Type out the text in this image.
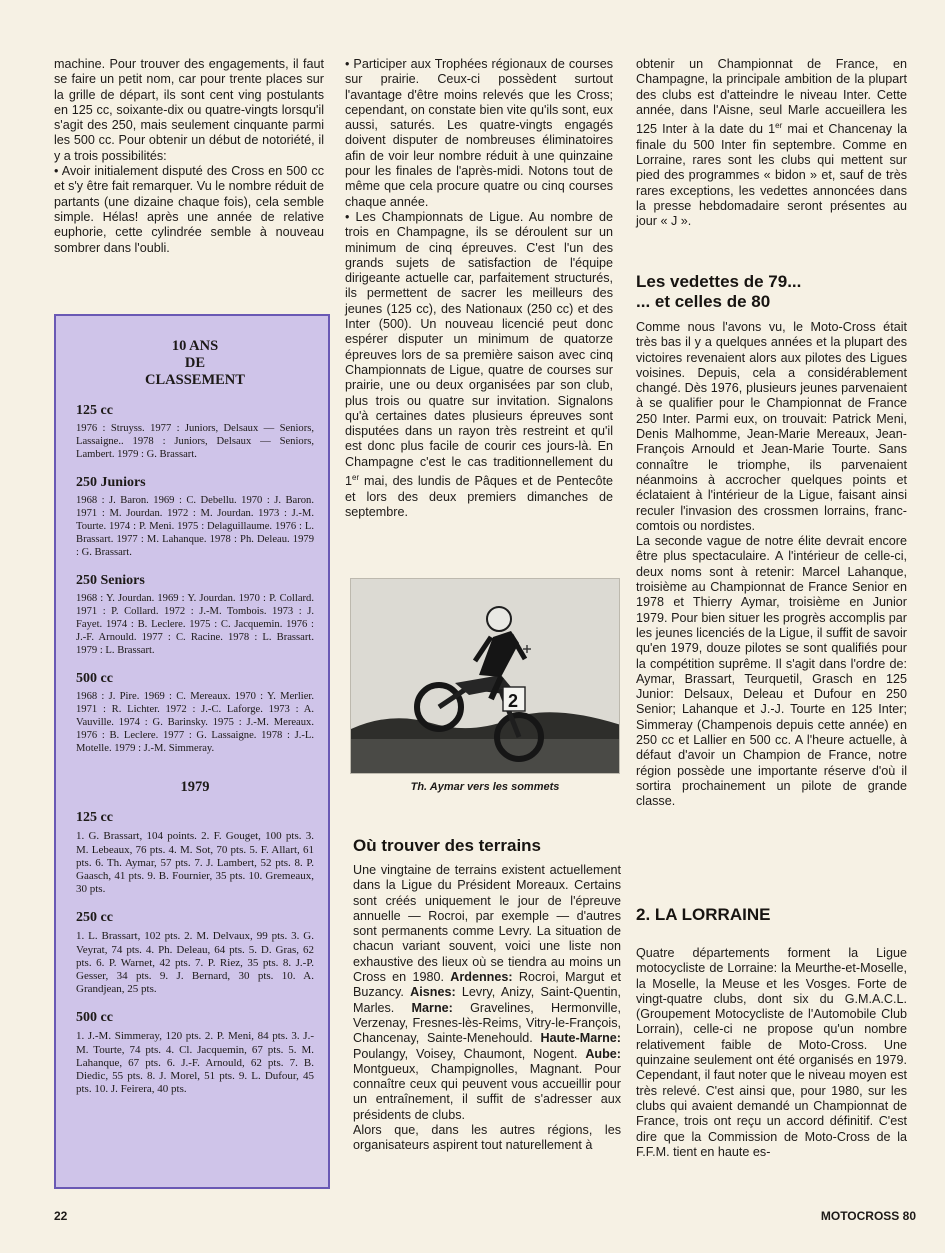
machine. Pour trouver des engagements, il faut se faire un petit nom, car pour trente places sur la grille de départ, ils sont cent ving postulants en 125 cc, soixante-dix ou quatre-vingts lorsqu'il s'agit des 250, mais seulement cinquante parmi les 500 cc. Pour obtenir un début de notoriété, il y a trois possibilités:

• Avoir initialement disputé des Cross en 500 cc et s'y être fait remarquer. Vu le nombre réduit de partants (une dizaine chaque fois), cela semble simple. Hélas! après une année de relative euphorie, cette cylindrée semble à nouveau sombrer dans l'oubli.

10 ANS
DE
CLASSEMENT
125 cc
1976 : Struyss. 1977 : Juniors, Delsaux — Seniors, Lassaigne.. 1978 : Juniors, Delsaux — Seniors, Lambert. 1979 : G. Brassart.
250 Juniors
1968 : J. Baron. 1969 : C. Debellu. 1970 : J. Baron. 1971 : M. Jourdan. 1972 : M. Jourdan. 1973 : J.-M. Tourte. 1974 : P. Meni. 1975 : Delaguillaume. 1976 : L. Brassart. 1977 : M. Lahanque. 1978 : Ph. Deleau. 1979 : G. Brassart.
250 Seniors
1968 : Y. Jourdan. 1969 : Y. Jourdan. 1970 : P. Collard. 1971 : P. Collard. 1972 : J.-M. Tombois. 1973 : J. Fayet. 1974 : B. Leclere. 1975 : C. Jacquemin. 1976 : J.-F. Arnould. 1977 : C. Racine. 1978 : L. Brassart. 1979 : L. Brassart.
500 cc
1968 : J. Pire. 1969 : C. Mereaux. 1970 : Y. Merlier. 1971 : R. Lichter. 1972 : J.-C. Laforge. 1973 : A. Vauville. 1974 : G. Barinsky. 1975 : J.-M. Mereaux. 1976 : B. Leclere. 1977 : G. Lassaigne. 1978 : J.-L. Motelle. 1979 : J.-M. Simmeray.
1979
125 cc
1. G. Brassart, 104 points. 2. F. Gouget, 100 pts. 3. M. Lebeaux, 76 pts. 4. M. Sot, 70 pts. 5. F. Allart, 61 pts. 6. Th. Aymar, 57 pts. 7. J. Lambert, 52 pts. 8. P. Gaasch, 41 pts. 9. B. Fournier, 35 pts. 10. Gremeaux, 30 pts.
250 cc
1. L. Brassart, 102 pts. 2. M. Delvaux, 99 pts. 3. G. Veyrat, 74 pts. 4. Ph. Deleau, 64 pts. 5. D. Gras, 62 pts. 6. P. Warnet, 42 pts. 7. P. Riez, 35 pts. 8. J.-P. Gesser, 34 pts. 9. J. Bernard, 30 pts. 10. A. Grandjean, 25 pts.
500 cc
1. J.-M. Simmeray, 120 pts. 2. P. Meni, 84 pts. 3. J.-M. Tourte, 74 pts. 4. Cl. Jacquemin, 67 pts. 5. M. Lahanque, 67 pts. 6. J.-F. Arnould, 62 pts. 7. B. Diedic, 55 pts. 8. J. Morel, 51 pts. 9. L. Dufour, 45 pts. 10. J. Feirera, 40 pts.

• Participer aux Trophées régionaux de courses sur prairie. Ceux-ci possèdent surtout l'avantage d'être moins relevés que les Cross; cependant, on constate bien vite qu'ils sont, eux aussi, saturés. Les quatre-vingts engagés doivent disputer de nombreuses éliminatoires afin de voir leur nombre réduit à une quinzaine pour les finales de l'après-midi. Notons tout de même que cela procure quatre ou cinq courses chaque année.

• Les Championnats de Ligue. Au nombre de trois en Champagne, ils se déroulent sur un minimum de cinq épreuves. C'est l'un des grands sujets de satisfaction de l'équipe dirigeante actuelle car, parfaitement structurés, ils permettent de sacrer les meilleurs des jeunes (125 cc), des Nationaux (250 cc) et des Inter (500). Un nouveau licencié peut donc espérer disputer un minimum de quatorze épreuves lors de sa première saison avec cinq Championnats de Ligue, quatre de courses sur prairie, une ou deux organisées par son club, plus trois ou quatre sur invitation. Signalons qu'à certaines dates plusieurs épreuves sont disputées dans un rayon très restreint et qu'il est donc plus facile de courir ces jours-là. En Champagne c'est le cas traditionnellement du 1er mai, des lundis de Pâques et de Pentecôte et lors des deux premiers dimanches de septembre.

2
Th. Aymar vers les sommets

Où trouver des terrains

Une vingtaine de terrains existent actuellement dans la Ligue du Président Moreaux. Certains sont créés uniquement le jour de l'épreuve annuelle — Rocroi, par exemple — d'autres sont permanents comme Levry. La situation de chacun variant souvent, voici une liste non exhaustive des lieux où se tiendra au moins un Cross en 1980. Ardennes: Rocroi, Margut et Buzancy. Aisnes: Levry, Anizy, Saint-Quentin, Marles. Marne: Gravelines, Hermonville, Verzenay, Fresnes-lès-Reims, Vitry-le-François, Chancenay, Sainte-Menehould. Haute-Marne: Poulangy, Voisey, Chaumont, Nogent. Aube: Montgueux, Champignolles, Magnant. Pour connaître ceux qui peuvent vous accueillir pour un entraînement, il suffit de s'adresser aux présidents de clubs.

Alors que, dans les autres régions, les organisateurs aspirent tout naturellement à

obtenir un Championnat de France, en Champagne, la principale ambition de la plupart des clubs est d'atteindre le niveau Inter. Cette année, dans l'Aisne, seul Marle accueillera les 125 Inter à la date du 1er mai et Chancenay la finale du 500 Inter fin septembre. Comme en Lorraine, rares sont les clubs qui mettent sur pied des programmes « bidon » et, sauf de très rares exceptions, les vedettes annoncées dans la presse hebdomadaire seront présentes au jour « J ».

Les vedettes de 79...
... et celles de 80

Comme nous l'avons vu, le Moto-Cross était très bas il y a quelques années et la plupart des victoires revenaient alors aux pilotes des Ligues voisines. Depuis, cela a considérablement changé. Dès 1976, plusieurs jeunes parvenaient à se qualifier pour le Championnat de France 250 Inter. Parmi eux, on trouvait: Patrick Meni, Denis Malhomme, Jean-Marie Mereaux, Jean-François Arnould et Jean-Marie Tourte. Sans connaître le triomphe, ils parvenaient néanmoins à accrocher quelques points et éclataient à l'intérieur de la Ligue, faisant ainsi reculer l'invasion des crossmen lorrains, franc-comtois ou nordistes.

La seconde vague de notre élite devrait encore être plus spectaculaire. A l'intérieur de celle-ci, deux noms sont à retenir: Marcel Lahanque, troisième au Championnat de France Senior en 1978 et Thierry Aymar, troisième en Junior 1979. Pour bien situer les progrès accomplis par les jeunes licenciés de la Ligue, il suffit de savoir qu'en 1979, douze pilotes se sont qualifiés pour la compétition suprême. Il s'agit dans l'ordre de: Aymar, Brassart, Teurquetil, Grasch en 125 Junior: Delsaux, Deleau et Dufour en 250 Senior; Lahanque et J.-J. Tourte en 125 Inter; Simmeray (Champenois depuis cette année) en 250 cc et Lallier en 500 cc. A l'heure actuelle, à défaut d'avoir un Champion de France, notre région possède une importante réserve d'où il sortira prochainement un pilote de grande classe.

2. LA LORRAINE

Quatre départements forment la Ligue motocycliste de Lorraine: la Meurthe-et-Moselle, la Moselle, la Meuse et les Vosges. Forte de vingt-quatre clubs, dont six du G.M.A.C.L. (Groupement Motocycliste de l'Automobile Club Lorrain), celle-ci ne propose qu'un nombre relativement faible de Moto-Cross. Une quinzaine seulement ont été organisés en 1979. Cependant, il faut noter que le niveau moyen est très relevé. C'est ainsi que, pour 1980, sur les clubs qui avaient demandé un Championnat de France, trois ont reçu un accord définitif. C'est dire que la Commission de Moto-Cross de la F.F.M. tient en haute es-

22	MOTOCROSS 80
